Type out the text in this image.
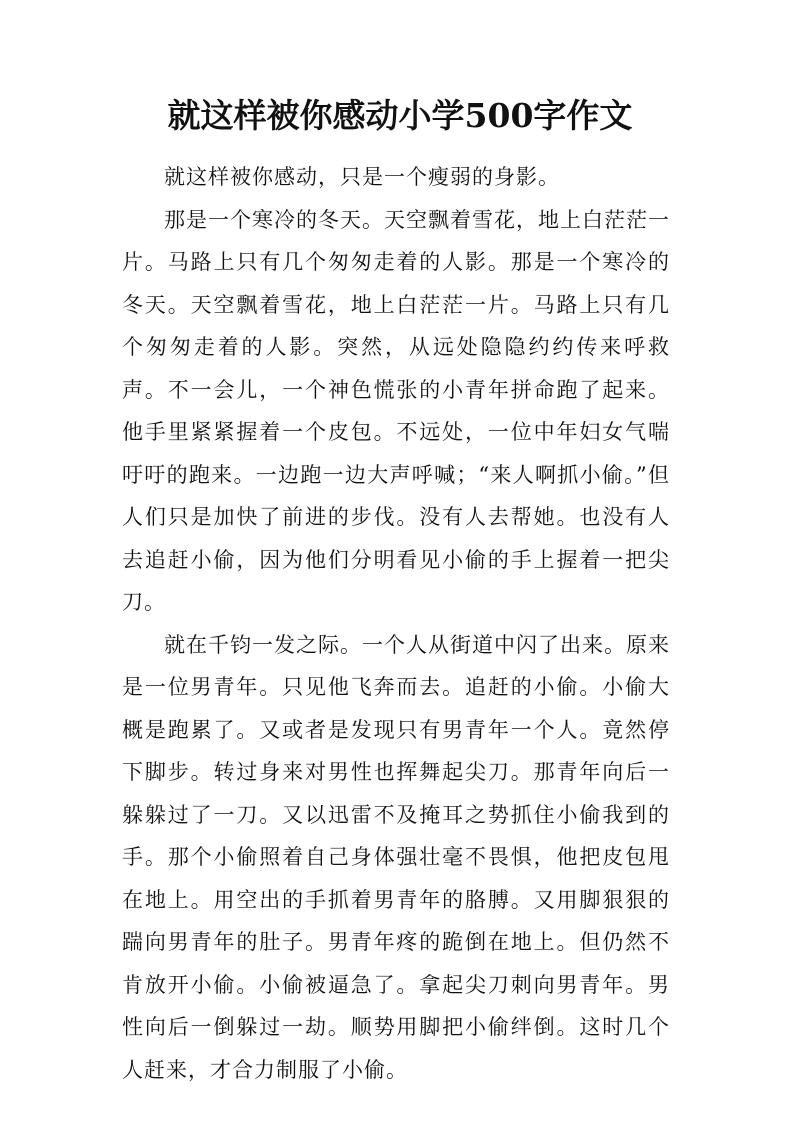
就这样被你感动小学500字作文

就这样被你感动，只是一个瘦弱的身影。

那是一个寒冷的冬天。天空飘着雪花，地上白茫茫一片。马路上只有几个匆匆走着的人影。那是一个寒冷的冬天。天空飘着雪花，地上白茫茫一片。马路上只有几个匆匆走着的人影。突然，从远处隐隐约约传来呼救声。不一会儿，一个神色慌张的小青年拼命跑了起来。他手里紧紧握着一个皮包。不远处，一位中年妇女气喘吁吁的跑来。一边跑一边大声呼喊；“来人啊抓小偷。”但人们只是加快了前进的步伐。没有人去帮她。也没有人去追赶小偷，因为他们分明看见小偷的手上握着一把尖刀。

就在千钧一发之际。一个人从街道中闪了出来。原来是一位男青年。只见他飞奔而去。追赶的小偷。小偷大概是跑累了。又或者是发现只有男青年一个人。竟然停下脚步。转过身来对男性也挥舞起尖刀。那青年向后一躲躲过了一刀。又以迅雷不及掩耳之势抓住小偷我到的手。那个小偷照着自己身体强壮毫不畏惧，他把皮包甩在地上。用空出的手抓着男青年的胳膊。又用脚狠狠的踹向男青年的肚子。男青年疼的跪倒在地上。但仍然不肯放开小偷。小偷被逼急了。拿起尖刀刺向男青年。男性向后一倒躲过一劫。顺势用脚把小偷绊倒。这时几个人赶来，才合力制服了小偷。
